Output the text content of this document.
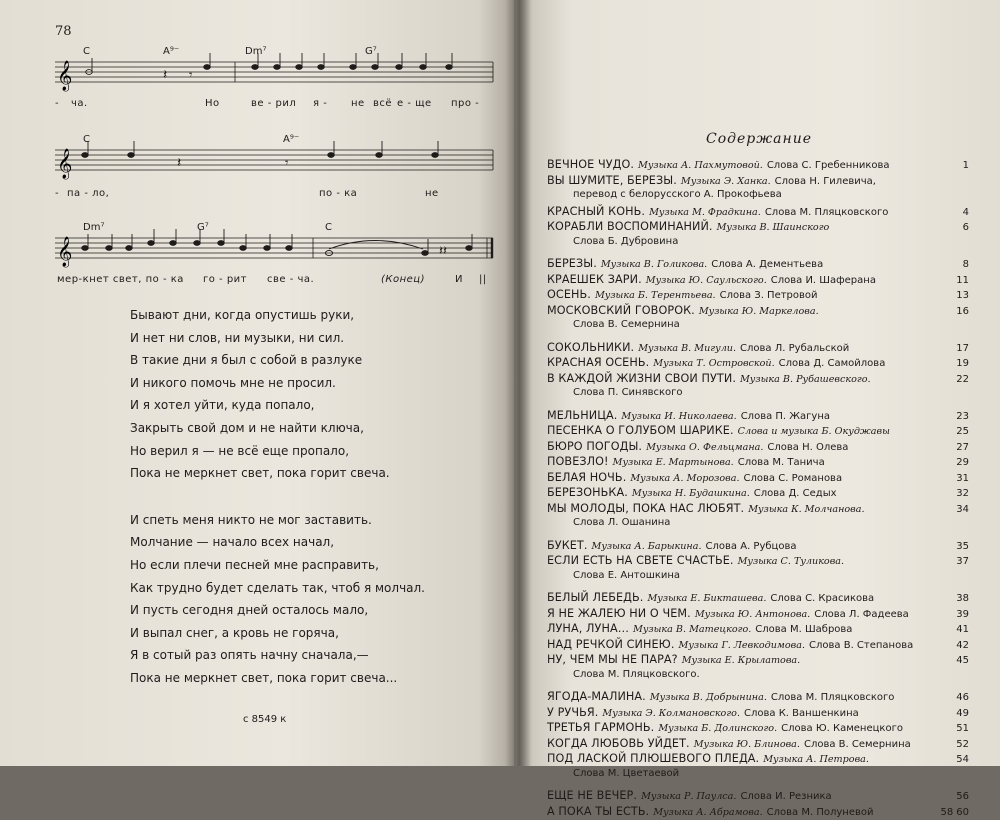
78
C	A⁹⁻	Dm⁷	G⁷
𝄞	𝄽 𝄾
- ча.	Но	ве - рил я - не всё е - ще про -
C	A⁹⁻
𝄞	𝄽	𝄾
- па - ло,	по - ка	не
Dm⁷	G⁷	C
𝄞	𝄽𝄽
мер-кнет свет, по - ка го - рит све - ча.	(Конец)	И ||
Бывают дни, когда опустишь руки,
И нет ни слов, ни музыки, ни сил.
В такие дни я был с собой в разлуке
И никого помочь мне не просил.
И я хотел уйти, куда попало,
Закрыть свой дом и не найти ключа,
Но верил я — не всё еще пропало,
Пока не меркнет свет, пока горит свеча.
И спеть меня никто не мог заставить.
Молчание — начало всех начал,
Но если плечи песней мне расправить,
Как трудно будет сделать так, чтоб я молчал.
И пусть сегодня дней осталось мало,
И выпал снег, а кровь не горяча,
Я в сотый раз опять начну сначала,—
Пока не меркнет свет, пока горит свеча...
с 8549 к
Содержание
ВЕЧНОЕ ЧУДО. Музыка А. Пахмутовой. Слова С. Гребенникова	1
ВЫ ШУМИТЕ, БЕРЕЗЫ. Музыка Э. Ханка. Слова Н. Гилевича,
перевод с белорусского А. Прокофьева
КРАСНЫЙ КОНЬ. Музыка М. Фрадкина. Слова М. Пляцковского	4
КОРАБЛИ ВОСПОМИНАНИЙ. Музыка В. Шаинского	6
Слова Б. Дубровина
БЕРЕЗЫ. Музыка В. Голикова. Слова А. Дементьева	8
КРАЕШЕК ЗАРИ. Музыка Ю. Саульского. Слова И. Шаферана	11
ОСЕНЬ. Музыка Б. Терентьева. Слова З. Петровой	13
МОСКОВСКИЙ ГОВОРОК. Музыка Ю. Маркелова.	16
Слова В. Семернина
СОКОЛЬНИКИ. Музыка В. Мигули. Слова Л. Рубальской	17
КРАСНАЯ ОСЕНЬ. Музыка Т. Островской. Слова Д. Самойлова	19
В КАЖДОЙ ЖИЗНИ СВОИ ПУТИ. Музыка В. Рубашевского.	22
Слова П. Синявского
МЕЛЬНИЦА. Музыка И. Николаева. Слова П. Жагуна	23
ПЕСЕНКА О ГОЛУБОМ ШАРИКЕ. Слова и музыка Б. Окуджавы	25
БЮРО ПОГОДЫ. Музыка О. Фельцмана. Слова Н. Олева	27
ПОВЕЗЛО! Музыка Е. Мартынова. Слова М. Танича	29
БЕЛАЯ НОЧЬ. Музыка А. Морозова. Слова С. Романова	31
БЕРЕЗОНЬКА. Музыка Н. Будашкина. Слова Д. Седых	32
МЫ МОЛОДЫ, ПОКА НАС ЛЮБЯТ. Музыка К. Молчанова.	34
Слова Л. Ошанина
БУКЕТ. Музыка А. Барыкина. Слова А. Рубцова	35
ЕСЛИ ЕСТЬ НА СВЕТЕ СЧАСТЬЕ. Музыка С. Туликова.	37
Слова Е. Антошкина
БЕЛЫЙ ЛЕБЕДЬ. Музыка Е. Бикташева. Слова С. Красикова	38
Я НЕ ЖАЛЕЮ НИ О ЧЕМ. Музыка Ю. Антонова. Слова Л. Фадеева	39
ЛУНА, ЛУНА… Музыка В. Матецкого. Слова М. Шаброва	41
НАД РЕЧКОЙ СИНЕЮ. Музыка Г. Левкодимова. Слова В. Степанова	42
НУ, ЧЕМ МЫ НЕ ПАРА? Музыка Е. Крылатова.	45
Слова М. Пляцковского.
ЯГОДА-МАЛИНА. Музыка В. Добрынина. Слова М. Пляцковского	46
У РУЧЬЯ. Музыка Э. Колмановского. Слова К. Ваншенкина	49
ТРЕТЬЯ ГАРМОНЬ. Музыка Б. Долинского. Слова Ю. Каменецкого	51
КОГДА ЛЮБОВЬ УЙДЕТ. Музыка Ю. Блинова. Слова В. Семернина	52
ПОД ЛАСКОЙ ПЛЮШЕВОГО ПЛЕДА. Музыка А. Петрова.	54
Слова М. Цветаевой
ЕЩЕ НЕ ВЕЧЕР. Музыка Р. Паулса. Слова И. Резника	56
А ПОКА ТЫ ЕСТЬ. Музыка А. Абрамова. Слова М. Полуневой	58 60
